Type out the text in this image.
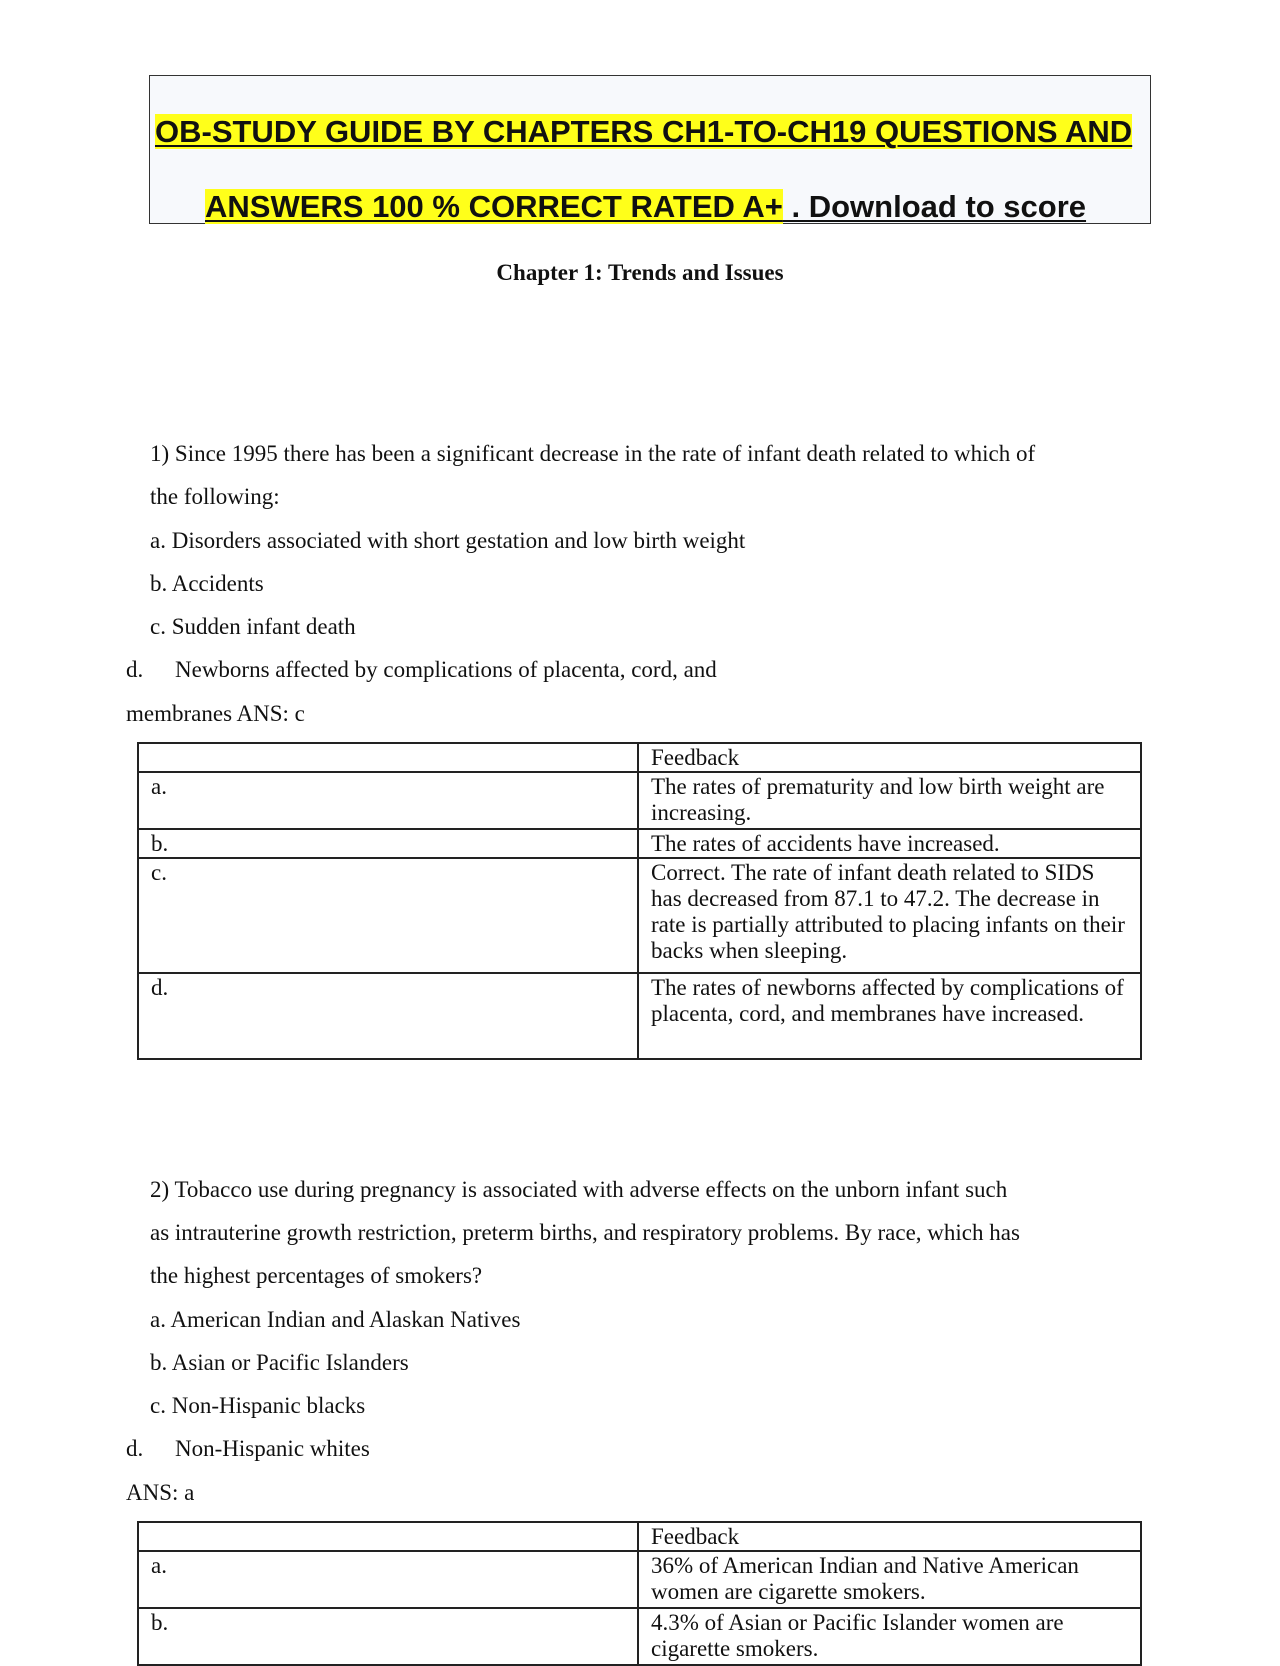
OB-STUDY GUIDE BY CHAPTERS CH1-TO-CH19 QUESTIONS AND
ANSWERS 100 % CORRECT RATED A+ . Download to score
Chapter 1: Trends and Issues
1) Since 1995 there has been a significant decrease in the rate of infant death related to which of
the following:
a. Disorders associated with short gestation and low birth weight
b. Accidents
c. Sudden infant death
d. Newborns affected by complications of placenta, cord, and
membranes ANS: c
	Feedback
a.	The rates of prematurity and low birth weight are increasing.
b.	The rates of accidents have increased.
c.	Correct. The rate of infant death related to SIDS has decreased from 87.1 to 47.2. The decrease in rate is partially attributed to placing infants on their backs when sleeping.
d.	The rates of newborns affected by complications of placenta, cord, and membranes have increased.
2) Tobacco use during pregnancy is associated with adverse effects on the unborn infant such
as intrauterine growth restriction, preterm births, and respiratory problems. By race, which has
the highest percentages of smokers?
a. American Indian and Alaskan Natives
b. Asian or Pacific Islanders
c. Non-Hispanic blacks
d. Non-Hispanic whites
ANS: a
	Feedback
a.	36% of American Indian and Native American women are cigarette smokers.
b.	4.3% of Asian or Pacific Islander women are cigarette smokers.
